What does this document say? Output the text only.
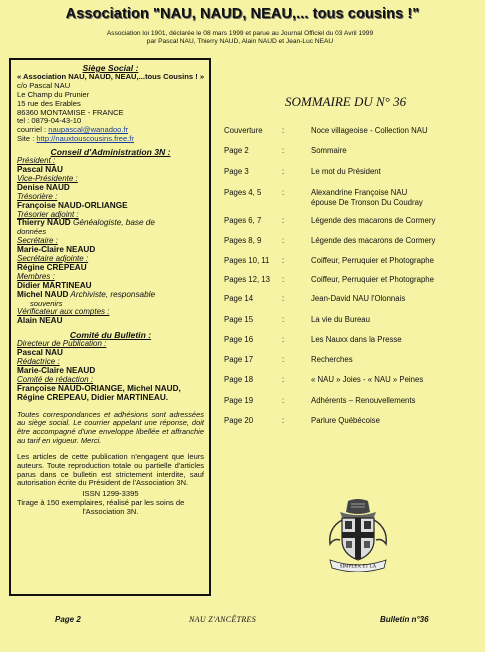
Association "NAU, NAUD, NEAU,... tous cousins !"
Association loi 1901, déclarée le 08 mars 1999 et parue au Journal Officiel du 03 Avril 1999
par Pascal NAU, Thierry NAUD, Alain NAUD et Jean-Luc NEAU

Siège Social :

« Association NAU, NAUD, NEAU,...tous Cousins ! »

c/o Pascal NAU

Le Champ du Prunier

15 rue des Erables

86360 MONTAMISE - FRANCE

tel : 0879-04-43-10

courriel : naupascal@wanadoo.fr

Site : http://nauxtouscousins.free.fr

Conseil d'Administration 3N :

Président :

Pascal NAU

Vice-Présidente :

Denise NAUD

Trésorière :

Françoise NAUD-ORLIANGE

Trésorier adjoint :

Thierry NAUD Généalogiste, base de

données

Secrétaire :

Marie-Claire NEAUD

Secrétaire adjointe :

Régine CREPEAU

Membres :

Didier MARTINEAU

Michel NAUD Archiviste, responsable

souvenirs

Vérificateur aux comptes :

Alain NEAU

Comité du Bulletin :

Directeur de Publication :

Pascal NAU

Rédactrice :

Marie-Claire NEAUD

Comité de rédaction :

Françoise NAUD-ORIANGE, Michel NAUD,

Régine CREPEAU, Didier MARTINEAU.

Toutes correspondances et adhésions sont adressées au siège social. Le courrier appelant une réponse, doit être accompagné d'une enveloppe libellée et affranchie au tarif en vigueur. Merci.

Les articles de cette publication n'engagent que leurs auteurs. Toute reproduction totale ou partielle d'articles parus dans ce bulletin est strictement interdite, sauf autorisation écrite du Président de l'Association 3N.

ISSN 1299-3395

Tirage à 150 exemplaires, réalisé par les soins de

l'Association 3N.

SOMMAIRE DU N° 36
Couverture :	Noce villageoise - Collection NAU
Page 2	:	Sommaire
Page 3	:	Le mot du Président
Pages 4, 5	:	Alexandrine Françoise NAU
épouse De Tronson Du Coudray
Pages 6, 7	:	Légende des macarons de Cormery
Pages 8, 9	:	Légende des macarons de Cormery
Pages 10, 11 :	Coiffeur, Perruquier et Photographe
Pages 12, 13 :	Coiffeur, Perruquier et Photographe
Page 14	:	Jean-David NAU l'Olonnais
Page 15	:	La vie du Bureau
Page 16	:	Les Nauxx dans la Presse
Page 17	:	Recherches
Page 18	:	« NAU » Joies - « NAU » Peines
Page 19	:	Adhérents – Renouvellements
Page 20	:	Parlure Québécoise
SIMPLEX ET LA
Page 2	NAU Z'ANCÊTRES	Bulletin n°36
